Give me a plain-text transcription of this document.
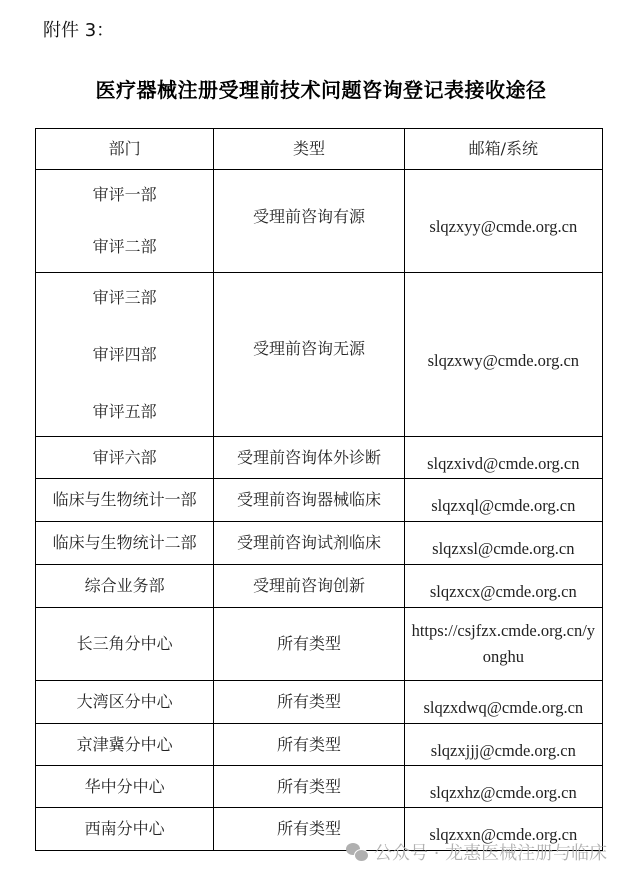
附件 3：
医疗器械注册受理前技术问题咨询登记表接收途径
部门	类型	邮箱/系统

审评一部
审评二部	受理前咨询有源	slqzxyy@cmde.org.cn

审评三部
审评四部
审评五部	受理前咨询无源	slqzxwy@cmde.org.cn
审评六部	受理前咨询体外诊断	slqzxivd@cmde.org.cn
临床与生物统计一部	受理前咨询器械临床	slqzxql@cmde.org.cn
临床与生物统计二部	受理前咨询试剂临床	slqzxsl@cmde.org.cn
综合业务部	受理前咨询创新	slqzxcx@cmde.org.cn
长三角分中心	所有类型	https://csjfzx.cmde.org.cn/yonghu
大湾区分中心	所有类型	slqzxdwq@cmde.org.cn
京津冀分中心	所有类型	slqzxjjj@cmde.org.cn
华中分中心	所有类型	slqzxhz@cmde.org.cn
西南分中心	所有类型	slqzxxn@cmde.org.cn
公众号 · 龙惠医械注册与临床
